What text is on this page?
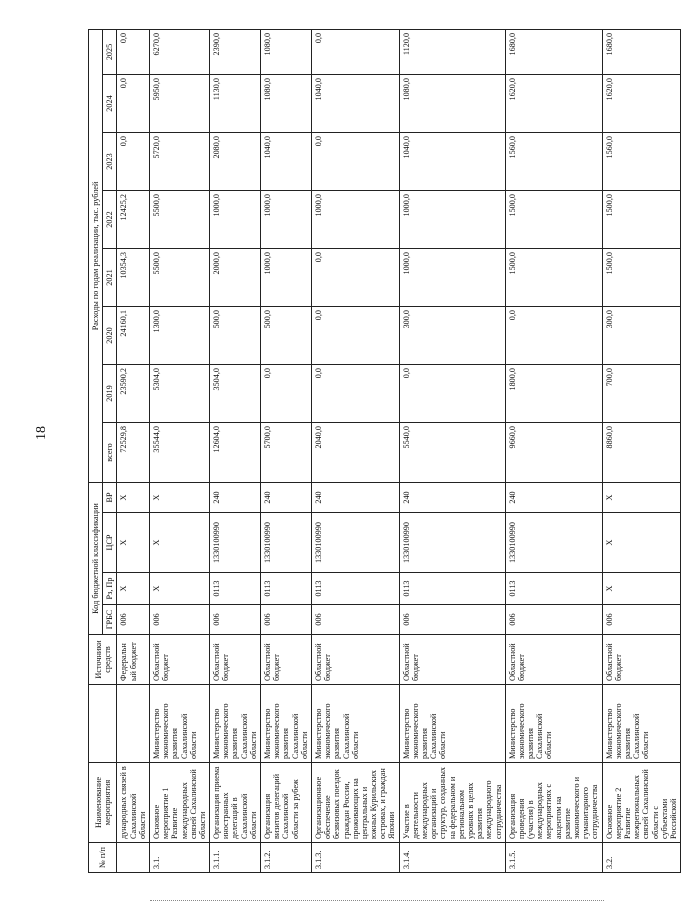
18
№ п/п	Наименование мероприятия		Источники средств	Код бюджетной классификации				Расходы по годам реализации, тыс. рублей							
				ГРБС	Рз, Пр	ЦСР	ВР	всего	2019	2020	2021	2022	2023	2024	2025
	дународных связей в Сахалинской области		Федеральный бюджет	006	Х	Х	Х	72529,8	23590,2	24160,1	10354,3	12425,2	0,0	0,0	0,0
3.1.	Основное мероприятие 1 Развитие международных связей Сахалинской области	Министерство экономического развития Сахалинской области	Областной бюджет	006	Х	Х	Х	35544,0	5304,0	1300,0	5500,0	5500,0	5720,0	5950,0	6270,0
3.1.1.	Организация приема иностранных делегаций в Сахалинской области	Министерство экономического развития Сахалинской области	Областной бюджет	006	0113	1330100990	240	12604,0	3504,0	500,0	2000,0	1000,0	2080,0	1130,0	2390,0
3.1.2.	Организация визитов делегаций Сахалинской области за рубеж	Министерство экономического развития Сахалинской области	Областной бюджет	006	0113	1330100990	240	5700,0	0,0	500,0	1000,0	1000,0	1040,0	1080,0	1080,0
3.1.3.	Организационное обеспечение безвизовых поездок граждан России, проживающих на центральных и южных Курильских островах, и граждан Японии	Министерство экономического развития Сахалинской области	Областной бюджет	006	0113	1330100990	240	2040,0	0,0	0,0	0,0	1000,0	0,0	1040,0	0,0
3.1.4.	Участие в деятельности международных организаций и структур, созданных на федеральном и региональном уровнях в целях развития международного сотрудничества	Министерство экономического развития Сахалинской области	Областной бюджет	006	0113	1330100990	240	5540,0	0,0	300,0	1000,0	1000,0	1040,0	1080,0	1120,0
3.1.5.	Организация проведения (участия) в международных мероприятиях с акцентом на развитие экономического и гуманитарного сотрудничества	Министерство экономического развития Сахалинской области	Областной бюджет	006	0113	1330100990	240	9660,0	1800,0	0,0	1500,0	1500,0	1560,0	1620,0	1680,0
3.2.	Основное мероприятие 2 Развитие межрегиональных связей Сахалинской области с субъектами Российской	Министерство экономического развития Сахалинской области	Областной бюджет	006	Х	Х	Х	8860,0	700,0	300,0	1500,0	1500,0	1560,0	1620,0	1680,0
